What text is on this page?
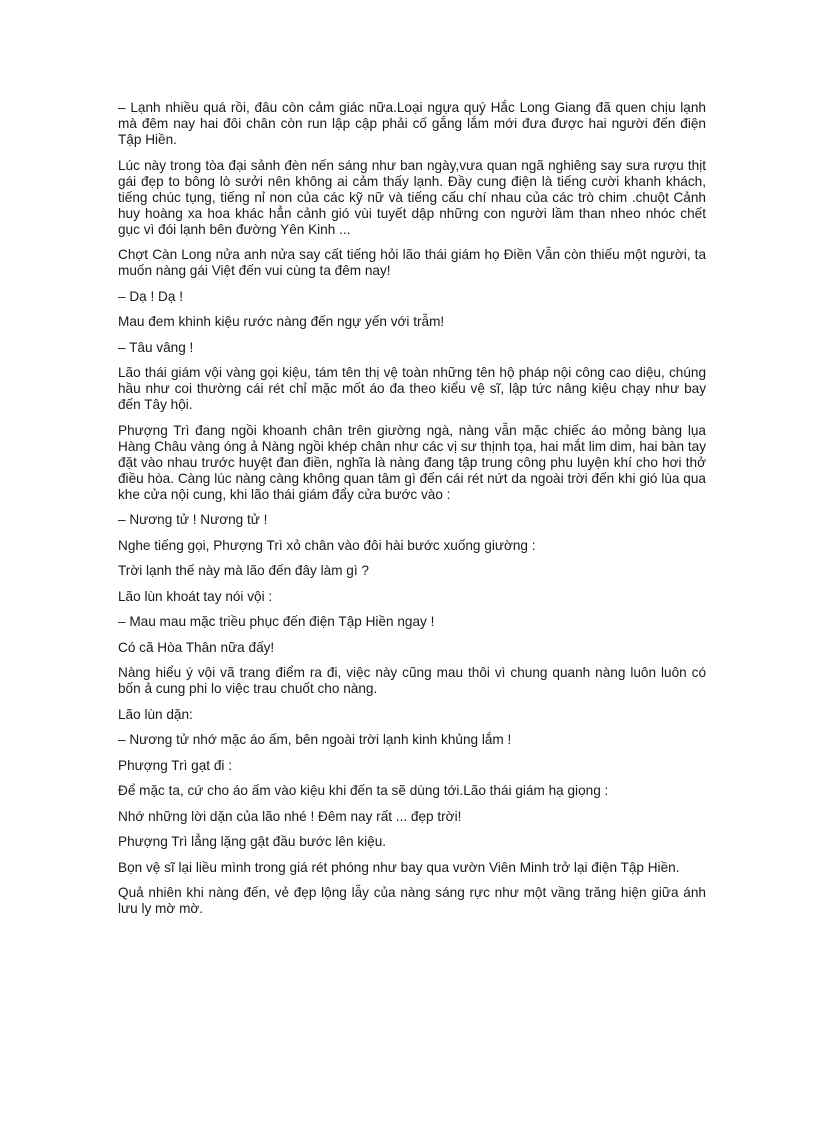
– Lạnh nhiều quá rồi, đâu còn cảm giác nữa.Loại ngựa quý Hắc Long Giang đã quen chịu lạnh mà đêm nay hai đôi chân còn run lập cập phải cố gắng lắm mới đưa được hai người đến điện Tập Hiền.

Lúc này trong tòa đại sảnh đèn nến sáng như ban ngày,vưa quan ngã nghiêng say sưa rượu thịt gái đẹp to bông lò sưởi nên không ai cảm thấy lạnh. Đầy cung điện là tiếng cười khanh khách, tiếng chúc tụng, tiếng nỉ non của các kỹ nữ và tiếng cấu chí nhau của các trò chim .chuột Cảnh huy hoàng xa hoa khác hẳn cảnh gió vùi tuyết dập những con người lầm than nheo nhóc chết gục vì đói lạnh bên đường Yên Kinh ...

Chợt Càn Long nửa anh nửa say cất tiếng hỏi lão thái giám họ Điền Vẫn còn thiếu một người, ta muốn nàng gái Việt đến vui cùng ta đêm nay!

– Dạ ! Dạ !

Mau đem khinh kiệu rước nàng đến ngự yến với trẫm!

– Tâu vâng !

Lão thái giám vội vàng gọi kiệu, tám tên thị vệ toàn những tên hộ pháp nội công cao diệu, chúng hầu như coi thường cái rét chỉ mặc mốt áo đa theo kiểu vệ sĩ, lập tức nâng kiệu chạy như bay đến Tây hội.

Phượng Trì đang ngồi khoanh chân trên giường ngà, nàng vẫn mặc chiếc áo mỏng bàng lụa Hàng Châu vàng óng ả Nàng ngồi khép chân như các vị sư thịnh tọa, hai mắt lim dim, hai bàn tay đặt vào nhau trước huyệt đan điền, nghĩa là nàng đang tập trung công phu luyện khí cho hơi thở điều hòa. Càng lúc nàng càng không quan tâm gì đến cái rét nứt da ngoài trời đến khi gió lùa qua khe cửa nội cung, khi lão thái giám đẩy cửa bước vào :

– Nương tử ! Nương tử !

Nghe tiếng gọi, Phượng Trì xỏ chân vào đôi hài bước xuống giường :

Trời lạnh thế này mà lão đến đây làm gì ?

Lão lùn khoát tay nói vội :

– Mau mau mặc triều phục đến điện Tập Hiền ngay !

Có cã Hòa Thân nữa đấy!

Nàng hiểu ý vội vã trang điểm ra đi, việc này cũng mau thôi vì chung quanh nàng luôn luôn có bốn ả cung phi lo việc trau chuốt cho nàng.

Lão lùn dặn:

– Nương tử nhớ mặc áo ấm, bên ngoài trời lạnh kinh khủng lắm !

Phượng Trì gạt đi :

Để mặc ta, cứ cho áo ấm vào kiệu khi đến ta sẽ dùng tới.Lão thái giám hạ giọng :

Nhớ những lời dặn của lão nhé ! Đêm nay rất ... đẹp trời!

Phượng Trì lẳng lặng gật đầu bước lên kiệu.

Bọn vệ sĩ lại liều mình trong giá rét phóng như bay qua vườn Viên Minh trở lại điện Tập Hiền.

Quả nhiên khi nàng đến, vẻ đẹp lộng lẫy của nàng sáng rực như một vầng trăng hiện giữa ánh lưu ly mờ mờ.
